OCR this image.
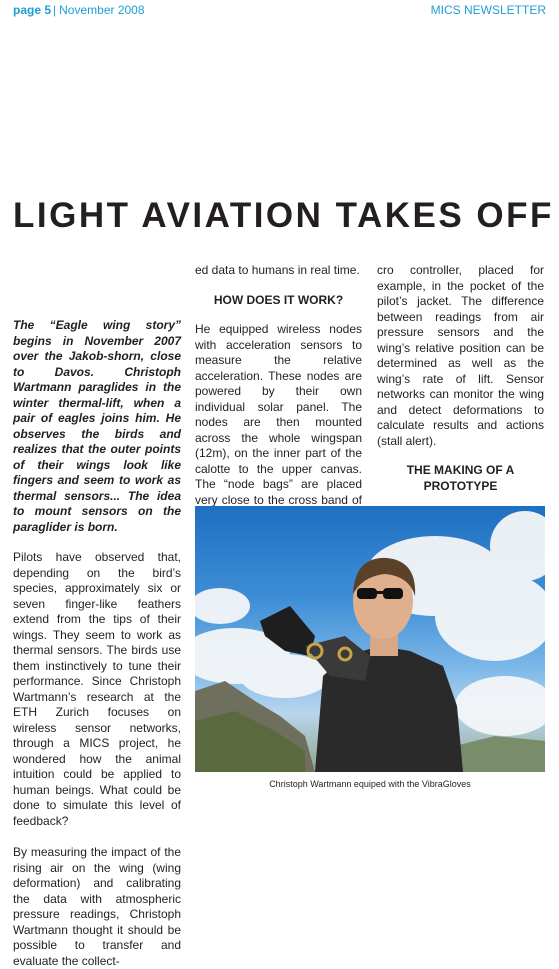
page 5 | November 2008	MICS NEWSLETTER
LIGHT AVIATION TAKES OFF

The “Eagle wing story” begins in November 2007 over the Jakob-shorn, close to Davos. Christoph Wartmann paraglides in the winter thermal-lift, when a pair of eagles joins him. He observes the birds and realizes that the outer points of their wings look like fingers and seem to work as thermal sensors... The idea to mount sensors on the paraglider is born.

Pilots have observed that, depending on the bird’s species, approximately six or seven finger-like feathers extend from the tips of their wings. They seem to work as thermal sensors. The birds use them instinctively to tune their performance. Since Christoph Wartmann’s research at the ETH Zurich focuses on wireless sensor networks, through a MICS project, he wondered how the animal intuition could be applied to human beings. What could be done to simulate this level of feedback?

By measuring the impact of the rising air on the wing (wing deformation) and calibrating the data with atmospheric pressure readings, Christoph Wartmann thought it should be possible to transfer and evaluate the collect-

ed data to humans in real time.

HOW DOES IT WORK?

He equipped wireless nodes with acceleration sensors to measure the relative acceleration. These nodes are powered by their own individual solar panel. The nodes are then mounted across the whole wingspan (12m), on the inner part of the calotte to the upper canvas. The “node bags” are placed very close to the cross band of

cro controller, placed for example, in the pocket of the pilot’s jacket. The difference between readings from air pressure sensors and the wing’s relative position can be determined as well as the wing’s rate of lift. Sensor networks can monitor the wing and detect deformations to calculate results and actions (stall alert).

THE MAKING OF A PROTOTYPE

Christoph Wartmann equiped with the VibraGloves
